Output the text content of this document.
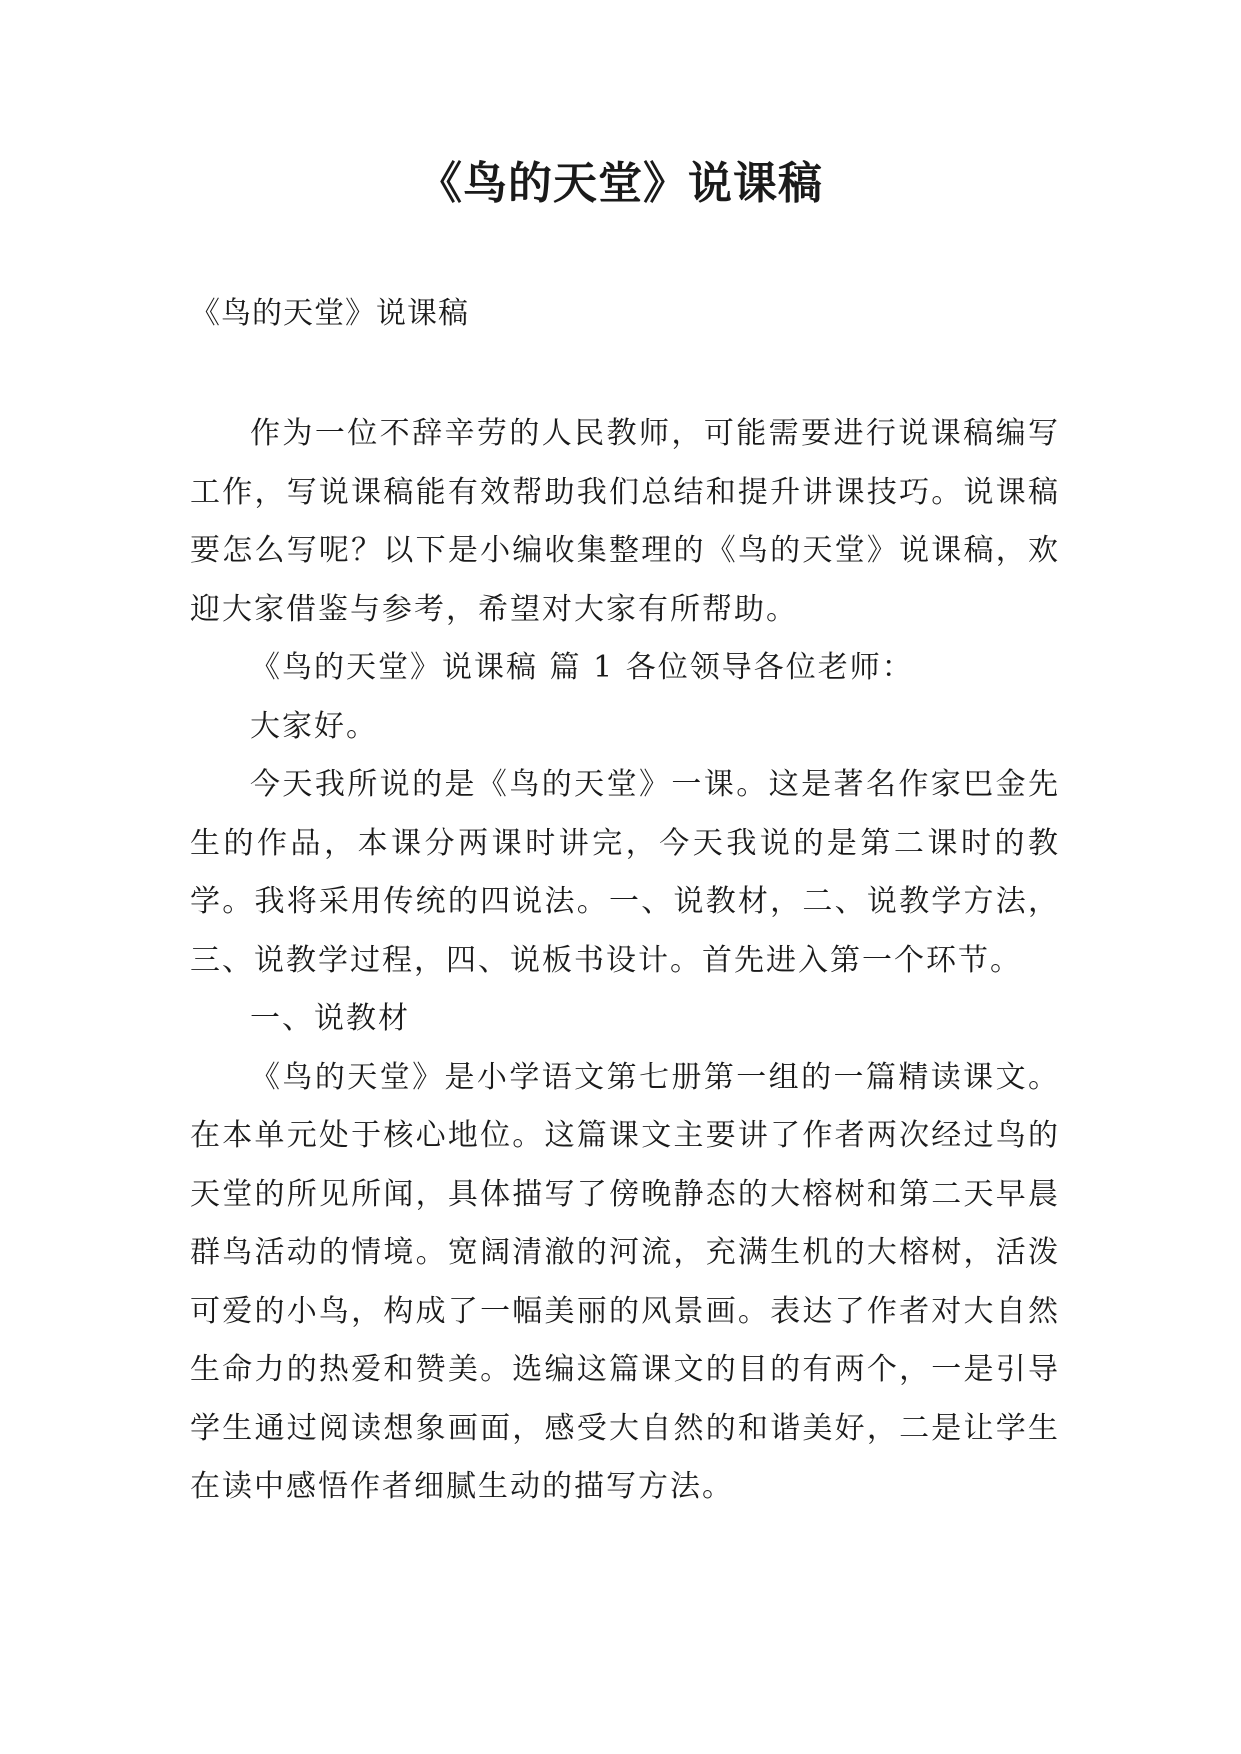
《鸟的天堂》说课稿
《鸟的天堂》说课稿

作为一位不辞辛劳的人民教师，可能需要进行说课稿编写工作，写说课稿能有效帮助我们总结和提升讲课技巧。说课稿要怎么写呢？以下是小编收集整理的《鸟的天堂》说课稿，欢迎大家借鉴与参考，希望对大家有所帮助。

《鸟的天堂》说课稿 篇 1 各位领导各位老师：

大家好。

今天我所说的是《鸟的天堂》一课。这是著名作家巴金先生的作品，本课分两课时讲完，今天我说的是第二课时的教学。我将采用传统的四说法。一、说教材，二、说教学方法，三、说教学过程，四、说板书设计。首先进入第一个环节。

一、说教材

《鸟的天堂》是小学语文第七册第一组的一篇精读课文。在本单元处于核心地位。这篇课文主要讲了作者两次经过鸟的天堂的所见所闻，具体描写了傍晚静态的大榕树和第二天早晨群鸟活动的情境。宽阔清澈的河流，充满生机的大榕树，活泼可爱的小鸟，构成了一幅美丽的风景画。表达了作者对大自然生命力的热爱和赞美。选编这篇课文的目的有两个，一是引导学生通过阅读想象画面，感受大自然的和谐美好，二是让学生在读中感悟作者细腻生动的描写方法。
